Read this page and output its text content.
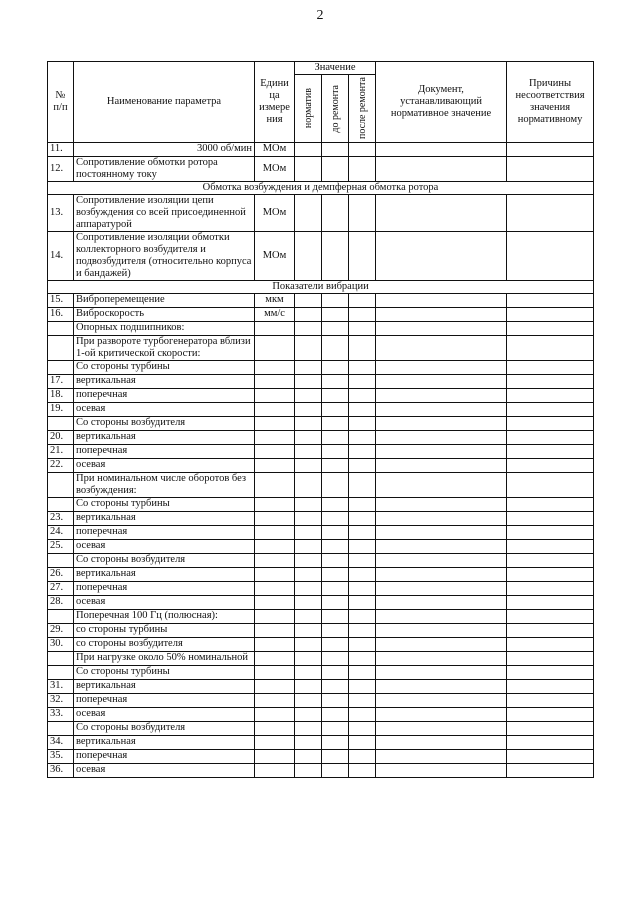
2
№
п/п	Наименование параметра	Едини ца измере ния	Значение			Документ, устанавливающий нормативное значение	Причины несоответствия значения нормативному

			норматив	до ремонта	после ремонта		

11.	3000 об/мин	МОм					
12.	Сопротивление обмотки ротора постоянному току	МОм					
Обмотка возбуждения и демпферная обмотка ротора							
13.	Сопротивление изоляции цепи возбуждения со всей присоединенной аппаратурой	МОм					
14.	Сопротивление изоляции обмотки коллекторного возбудителя и подвозбудителя (относительно корпуса и бандажей)	МОм					
Показатели вибрации							
15.	Виброперемещение	мкм					
16.	Виброскорость	мм/с					
	Опорных подшипников:						
	При развороте турбогенератора вблизи 1-ой критической скорости:						
	Со стороны турбины						
17.	вертикальная						
18.	поперечная						
19.	осевая						
	Со стороны возбудителя						
20.	вертикальная						
21.	поперечная						
22.	осевая						
	При номинальном числе оборотов без возбуждения:						
	Со стороны турбины						
23.	вертикальная						
24.	поперечная						
25.	осевая						
	Со стороны возбудителя						
26.	вертикальная						
27.	поперечная						
28.	осевая						
	Поперечная 100 Гц (полюсная):						
29.	со стороны турбины						
30.	со стороны возбудителя						
	При нагрузке около 50% номинальной						
	Со стороны турбины						
31.	вертикальная						
32.	поперечная						
33.	осевая						
	Со стороны возбудителя						
34.	вертикальная						
35.	поперечная						
36.	осевая						
